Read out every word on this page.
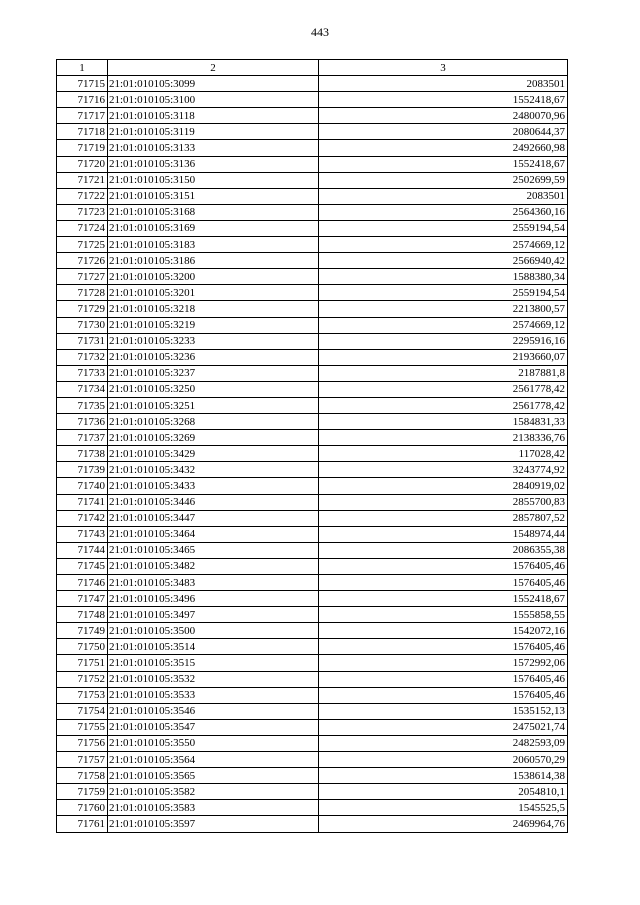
443
1	2	3
71715	21:01:010105:3099	2083501
71716	21:01:010105:3100	1552418,67
71717	21:01:010105:3118	2480070,96
71718	21:01:010105:3119	2080644,37
71719	21:01:010105:3133	2492660,98
71720	21:01:010105:3136	1552418,67
71721	21:01:010105:3150	2502699,59
71722	21:01:010105:3151	2083501
71723	21:01:010105:3168	2564360,16
71724	21:01:010105:3169	2559194,54
71725	21:01:010105:3183	2574669,12
71726	21:01:010105:3186	2566940,42
71727	21:01:010105:3200	1588380,34
71728	21:01:010105:3201	2559194,54
71729	21:01:010105:3218	2213800,57
71730	21:01:010105:3219	2574669,12
71731	21:01:010105:3233	2295916,16
71732	21:01:010105:3236	2193660,07
71733	21:01:010105:3237	2187881,8
71734	21:01:010105:3250	2561778,42
71735	21:01:010105:3251	2561778,42
71736	21:01:010105:3268	1584831,33
71737	21:01:010105:3269	2138336,76
71738	21:01:010105:3429	117028,42
71739	21:01:010105:3432	3243774,92
71740	21:01:010105:3433	2840919,02
71741	21:01:010105:3446	2855700,83
71742	21:01:010105:3447	2857807,52
71743	21:01:010105:3464	1548974,44
71744	21:01:010105:3465	2086355,38
71745	21:01:010105:3482	1576405,46
71746	21:01:010105:3483	1576405,46
71747	21:01:010105:3496	1552418,67
71748	21:01:010105:3497	1555858,55
71749	21:01:010105:3500	1542072,16
71750	21:01:010105:3514	1576405,46
71751	21:01:010105:3515	1572992,06
71752	21:01:010105:3532	1576405,46
71753	21:01:010105:3533	1576405,46
71754	21:01:010105:3546	1535152,13
71755	21:01:010105:3547	2475021,74
71756	21:01:010105:3550	2482593,09
71757	21:01:010105:3564	2060570,29
71758	21:01:010105:3565	1538614,38
71759	21:01:010105:3582	2054810,1
71760	21:01:010105:3583	1545525,5
71761	21:01:010105:3597	2469964,76
